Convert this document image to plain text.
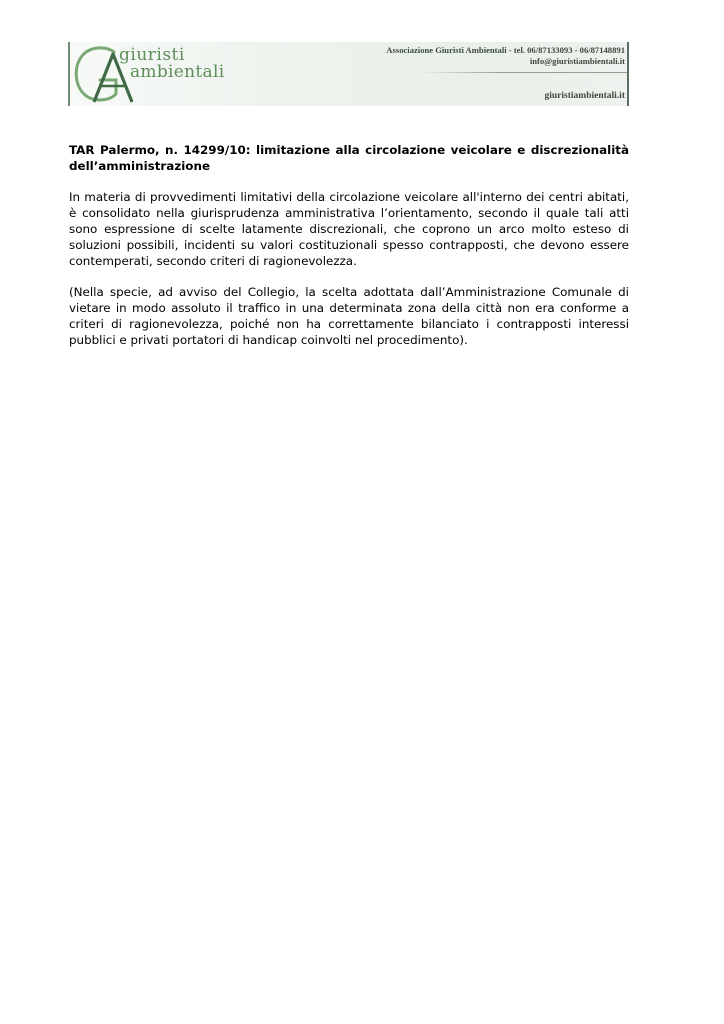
giuristi
ambientali
Associazione Giuristi Ambientali - tel. 06/87133093 - 06/87148891
info@giuristiambientali.it
giuristiambientali.it

TAR Palermo, n. 14299/10: limitazione alla circolazione veicolare e discrezionalità dell’amministrazione

In materia di provvedimenti limitativi della circolazione veicolare all'interno dei centri abitati, è consolidato nella giurisprudenza amministrativa l’orientamento, secondo il quale tali atti sono espressione di scelte latamente discrezionali, che coprono un arco molto esteso di soluzioni possibili, incidenti su valori costituzionali spesso contrapposti, che devono essere contemperati, secondo criteri di ragionevolezza.

(Nella specie, ad avviso del Collegio, la scelta adottata dall’Amministrazione Comunale di vietare in modo assoluto il traffico in una determinata zona della città non era conforme a criteri di ragionevolezza, poiché non ha correttamente bilanciato i contrapposti interessi pubblici e privati portatori di handicap coinvolti nel procedimento).
